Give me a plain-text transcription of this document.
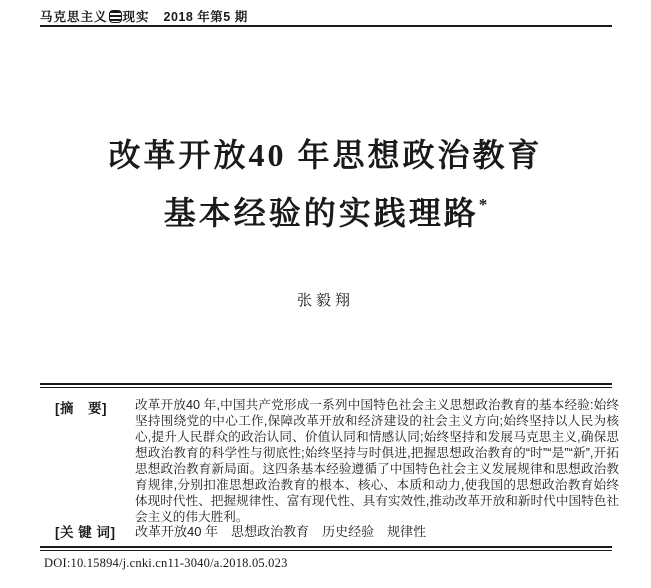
马克思主义 现实 2018 年第5 期
改革开放40 年思想政治教育
基本经验的实践理路*
张毅翔
[摘　要] 改革开放40 年,中国共产党形成一系列中国特色社会主义思想政治教育的基本经验:始终坚持围绕党的中心工作,保障改革开放和经济建设的社会主义方向;始终坚持以人民为核心,提升人民群众的政治认同、价值认同和情感认同;始终坚持和发展马克思主义,确保思想政治教育的科学性与彻底性;始终坚持与时俱进,把握思想政治教育的“时”“是”“新”,开拓思想政治教育新局面。这四条基本经验遵循了中国特色社会主义发展规律和思想政治教育规律,分别扣准思想政治教育的根本、核心、本质和动力,使我国的思想政治教育始终体现时代性、把握规律性、富有现代性、具有实效性,推动改革开放和新时代中国特色社会主义的伟大胜利。
[关 键 词] 改革开放40 年　思想政治教育　历史经验　规律性
DOI:10.15894/j.cnki.cn11-3040/a.2018.05.023
